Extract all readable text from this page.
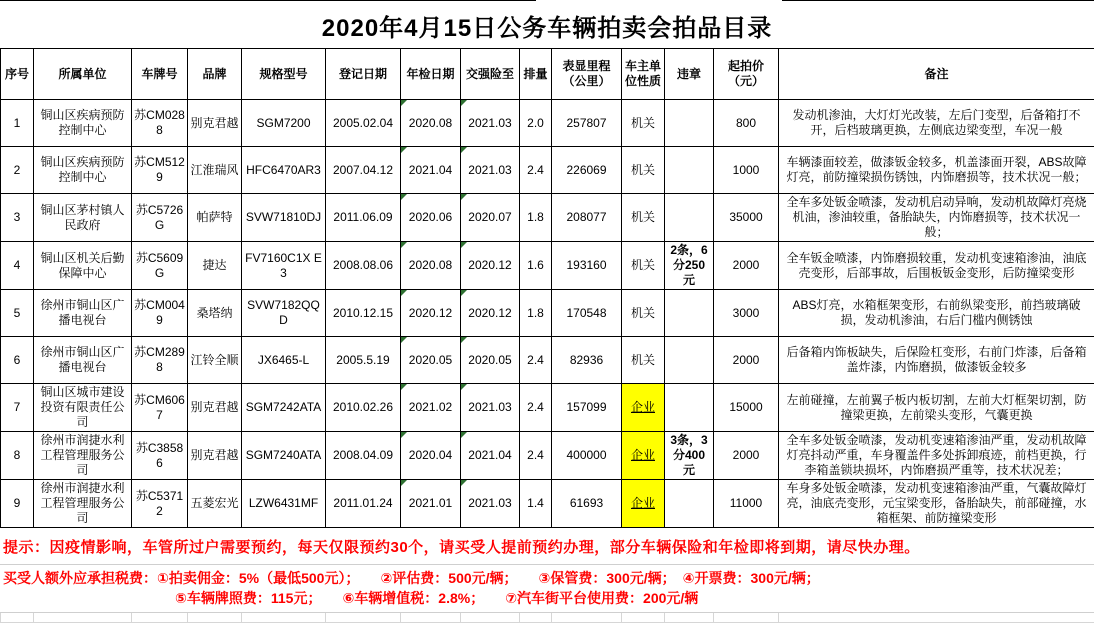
2020年4月15日公务车辆拍卖会拍品目录
序号	所属单位	车牌号	品牌	规格型号	登记日期	年检日期	交强险至	排量	表显里程（公里）	车主单位性质	违章	起拍价（元）	备注
1	铜山区疾病预防控制中心	苏CM0288	别克君越	SGM7200	2005.02.04	2020.08	2021.03	2.0	257807	机关		800	发动机渗油，大灯灯光改装，左后门变型，后备箱打不开，后档玻璃更换，左侧底边梁变型，车况一般
2	铜山区疾病预防控制中心	苏CM5129	江淮瑞风	HFC6470AR3	2007.04.12	2021.04	2021.03	2.4	226069	机关		1000	车辆漆面较差，做漆钣金较多，机盖漆面开裂，ABS故障灯亮，前防撞梁损伤锈蚀，内饰磨损等，技术状况一般；
3	铜山区茅村镇人民政府	苏C5726G	帕萨特	SVW71810DJ	2011.06.09	2020.06	2020.07	1.8	208077	机关		35000	全车多处钣金喷漆，发动机启动异响，发动机故障灯亮烧机油，渗油较重，备胎缺失，内饰磨损等，技术状况一般；
4	铜山区机关后勤保障中心	苏C5609G	捷达	FV7160C1X E3	2008.08.06	2020.08	2020.12	1.6	193160	机关	2条，6分250元	2000	全车钣金喷漆，内饰磨损较重，发动机变速箱渗油，油底壳变形，后部事故，后围板钣金变形，后防撞梁变形
5	徐州市铜山区广播电视台	苏CM0049	桑塔纳	SVW7182QQD	2010.12.15	2020.12	2020.12	1.8	170548	机关		3000	ABS灯亮，水箱框架变形，右前纵梁变形，前挡玻璃破损，发动机渗油，右后门槛内侧锈蚀
6	徐州市铜山区广播电视台	苏CM2898	江铃全顺	JX6465-L	2005.5.19	2020.05	2020.05	2.4	82936	机关		2000	后备箱内饰板缺失，后保险杠变形，右前门炸漆，后备箱盖炸漆，内饰磨损，做漆钣金较多
7	铜山区城市建设投资有限责任公司	苏CM6067	别克君越	SGM7242ATA	2010.02.26	2021.02	2021.03	2.4	157099	企业		15000	左前碰撞，左前翼子板内板切割，左前大灯框架切割，防撞梁更换，左前梁头变形，气囊更换
8	徐州市润捷水利工程管理服务公司	苏C38586	别克君越	SGM7240ATA	2008.04.09	2020.04	2021.04	2.4	400000	企业	3条，3分400元	2000	全车多处钣金喷漆，发动机变速箱渗油严重，发动机故障灯亮抖动严重，车身覆盖件多处拆卸痕迹，前档更换，行李箱盖锁块损坏，内饰磨损严重等，技术状况差；
9	徐州市润捷水利工程管理服务公司	苏C53712	五菱宏光	LZW6431MF	2011.01.24	2021.01	2021.03	1.4	61693	企业		11000	车身多处钣金喷漆，发动机变速箱渗油严重，气囊故障灯亮，油底壳变形，元宝梁变形，备胎缺失，前部碰撞，水箱框架、前防撞梁变形
提示：因疫情影响，车管所过户需要预约，每天仅限预约30个，请买受人提前预约办理，部分车辆保险和年检即将到期，请尽快办理。
买受人额外应承担税费：①拍卖佣金：5%（最低500元）；　　②评估费：500元/辆；　　③保管费：300元/辆；　④开票费：300元/辆；
⑤车辆牌照费：115元；　　⑥车辆增值税：2.8%；　　⑦汽车街平台使用费：200元/辆
